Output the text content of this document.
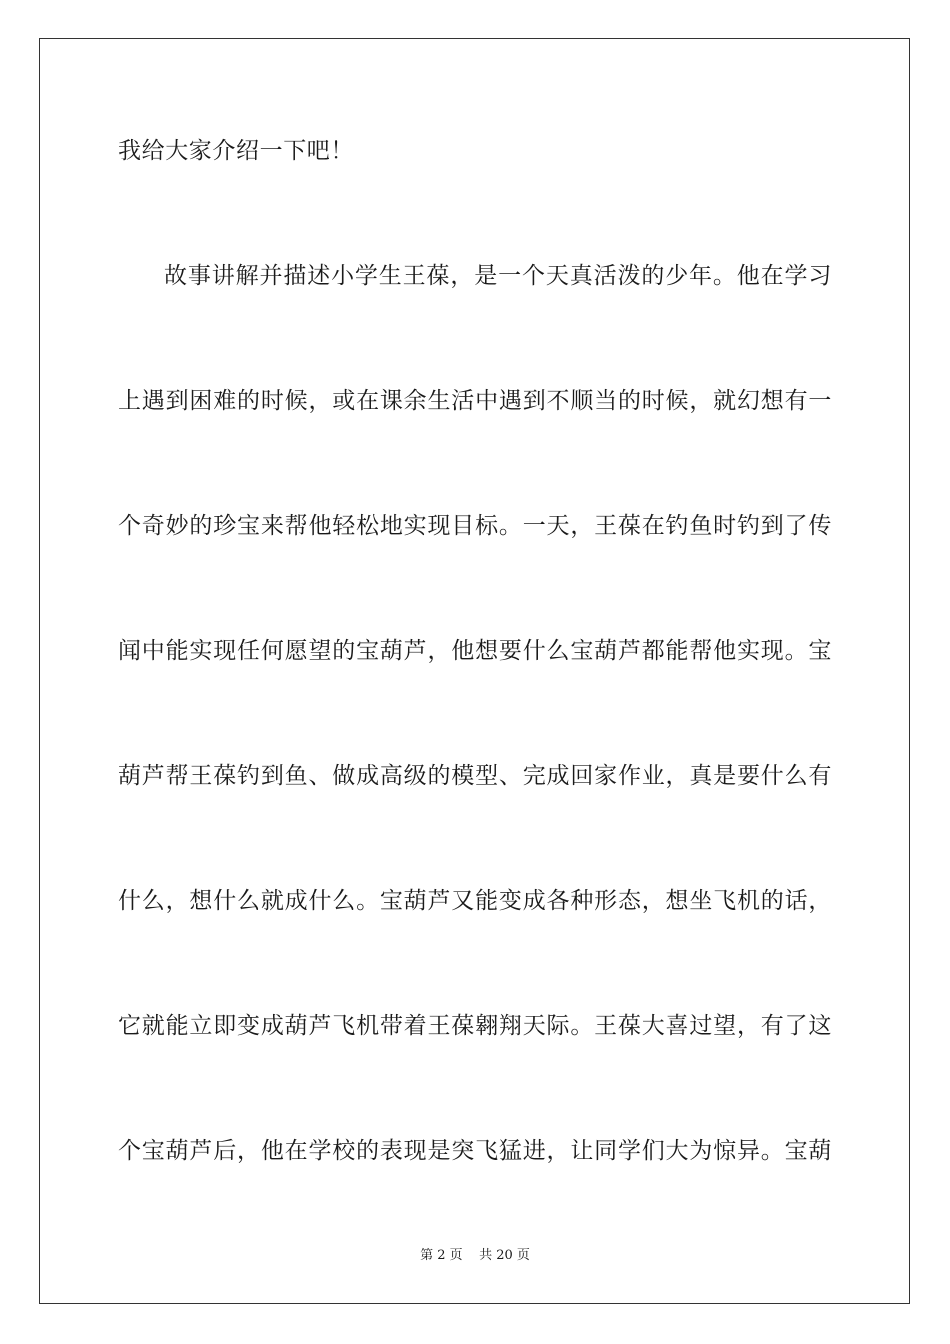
我给大家介绍一下吧！
故事讲解并描述小学生王葆，是一个天真活泼的少年。他在学习
上遇到困难的时候，或在课余生活中遇到不顺当的时候，就幻想有一
个奇妙的珍宝来帮他轻松地实现目标。一天，王葆在钓鱼时钓到了传
闻中能实现任何愿望的宝葫芦，他想要什么宝葫芦都能帮他实现。宝
葫芦帮王葆钓到鱼、做成高级的模型、完成回家作业，真是要什么有
什么，想什么就成什么。宝葫芦又能变成各种形态，想坐飞机的话，
它就能立即变成葫芦飞机带着王葆翱翔天际。王葆大喜过望，有了这
个宝葫芦后，他在学校的表现是突飞猛进，让同学们大为惊异。宝葫
第 2 页    共 20 页
